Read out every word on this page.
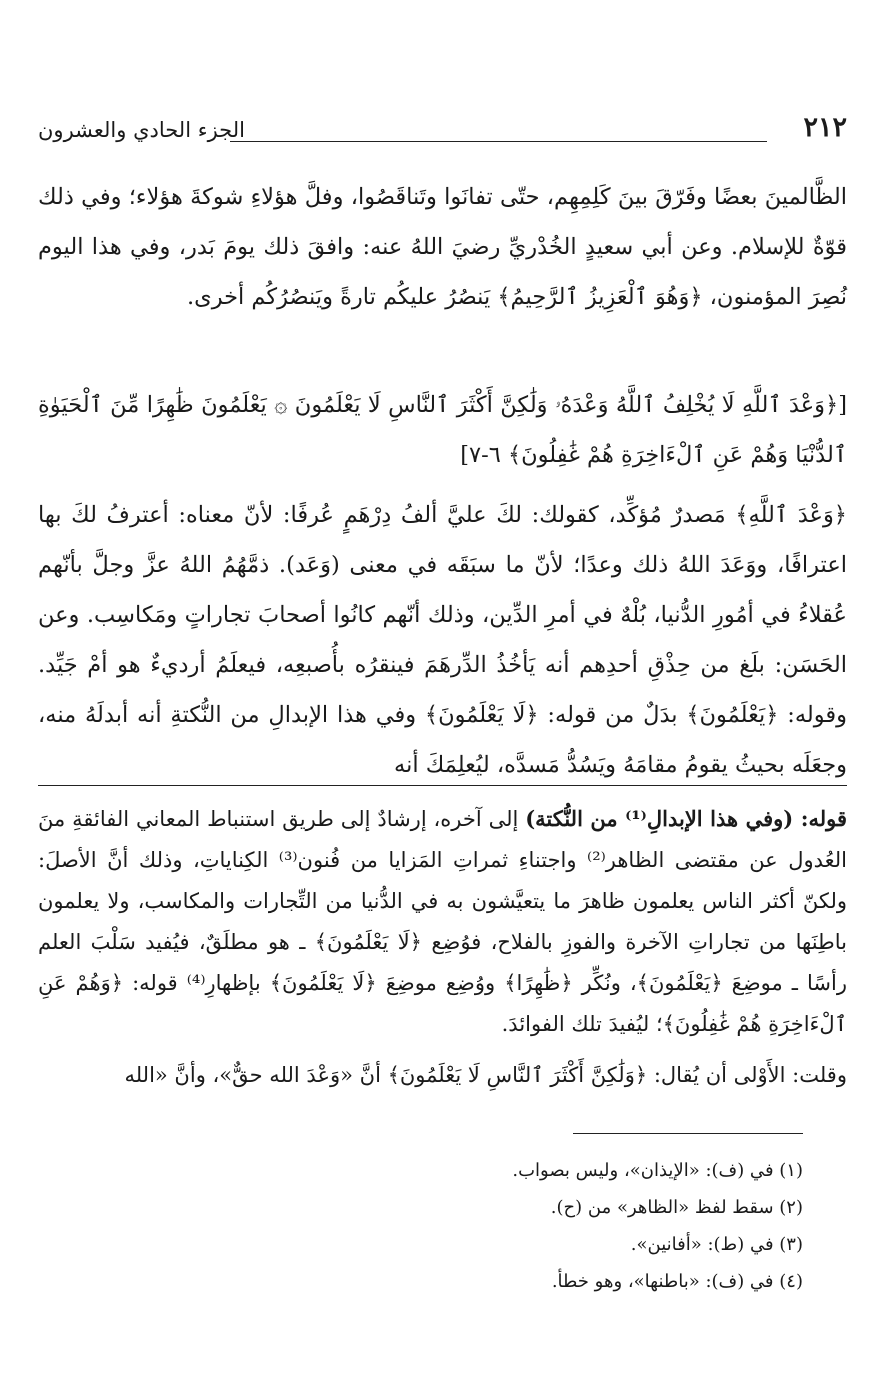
٢١٢
الجزء الحادي والعشرون

الظَّالمينَ بعضًا وفَرّقَ بينَ كَلِمِهِم، حتّى تفانَوا وتَناقَصُوا، وفلَّ هؤلاءِ شوكةَ هؤلاء؛ وفي ذلك قوّةٌ للإسلام. وعن أبي سعيدٍ الخُدْريِّ رضيَ اللهُ عنه: وافقَ ذلك يومَ بَدر، وفي هذا اليوم نُصِرَ المؤمنون، ﴿وَهُوَ ٱلْعَزِيزُ ٱلرَّحِيمُ﴾ يَنصُرُ عليكُم تارةً ويَنصُرُكُم أخرى.

[﴿وَعْدَ ٱللَّهِ لَا يُخْلِفُ ٱللَّهُ وَعْدَهُۥ وَلَٰكِنَّ أَكْثَرَ ٱلنَّاسِ لَا يَعْلَمُونَ ۞ يَعْلَمُونَ ظَٰهِرًا مِّنَ ٱلْحَيَوٰةِ ٱلدُّنْيَا وَهُمْ عَنِ ٱلْءَاخِرَةِ هُمْ غَٰفِلُونَ﴾ ٦-٧]

﴿وَعْدَ ٱللَّهِ﴾ مَصدرٌ مُؤكِّد، كقولك: لكَ عليَّ ألفُ دِرْهَمٍ عُرفًا: لأنّ معناه: أعترفُ لكَ بها اعترافًا، ووَعَدَ اللهُ ذلك وعدًا؛ لأنّ ما سبَقَه في معنى (وَعَد). ذمَّهُمُ اللهُ عزَّ وجلَّ بأنّهم عُقلاءُ في أمُورِ الدُّنيا، بُلْهٌ في أمرِ الدِّين، وذلك أنّهم كانُوا أصحابَ تجاراتٍ ومَكاسِب. وعن الحَسَن: بلَغ من حِذْقِ أحدِهم أنه يَأخُذُ الدِّرهَمَ فينقرُه بأُصبعِه، فيعلَمُ أرديءٌ هو أمْ جَيِّد. وقوله: ﴿يَعْلَمُونَ﴾ بدَلٌ من قوله: ﴿لَا يَعْلَمُونَ﴾ وفي هذا الإبدالِ من النُّكتةِ أنه أبدلَهُ منه، وجعَلَه بحيثُ يقومُ مقامَهُ ويَسُدُّ مَسدَّه، ليُعلِمَكَ أنه

قوله: (وفي هذا الإبدالِ⁽¹⁾ من النُّكتة) إلى آخره، إرشادٌ إلى طريق استنباط المعاني الفائقةِ منَ العُدول عن مقتضى الظاهر⁽²⁾ واجتناءِ ثمراتِ المَزايا من فُنون⁽³⁾ الكِناياتِ، وذلك أنَّ الأصلَ: ولكنّ أكثر الناس يعلمون ظاهرَ ما يتعيَّشون به في الدُّنيا من التِّجارات والمكاسب، ولا يعلمون باطِنَها من تجاراتِ الآخرة والفوزِ بالفلاح، فوُضِع ﴿لَا يَعْلَمُونَ﴾ ـ هو مطلَقٌ، فيُفيد سَلْبَ العلم رأسًا ـ موضِعَ ﴿يَعْلَمُونَ﴾، ونُكِّر ﴿ظَٰهِرًا﴾ ووُضِع موضِعَ ﴿لَا يَعْلَمُونَ﴾ بإظهارِ⁽⁴⁾ قوله: ﴿وَهُمْ عَنِ ٱلْءَاخِرَةِ هُمْ غَٰفِلُونَ﴾؛ ليُفيدَ تلك الفوائدَ.

وقلت: الأَوْلى أن يُقال: ﴿وَلَٰكِنَّ أَكْثَرَ ٱلنَّاسِ لَا يَعْلَمُونَ﴾ أنَّ «وَعْدَ الله حقٌّ»، وأنَّ «الله

(١) في (ف): «الإيذان»، وليس بصواب.
(٢) سقط لفظ «الظاهر» من (ح).
(٣) في (ط): «أفانين».
(٤) في (ف): «باطنها»، وهو خطأ.
